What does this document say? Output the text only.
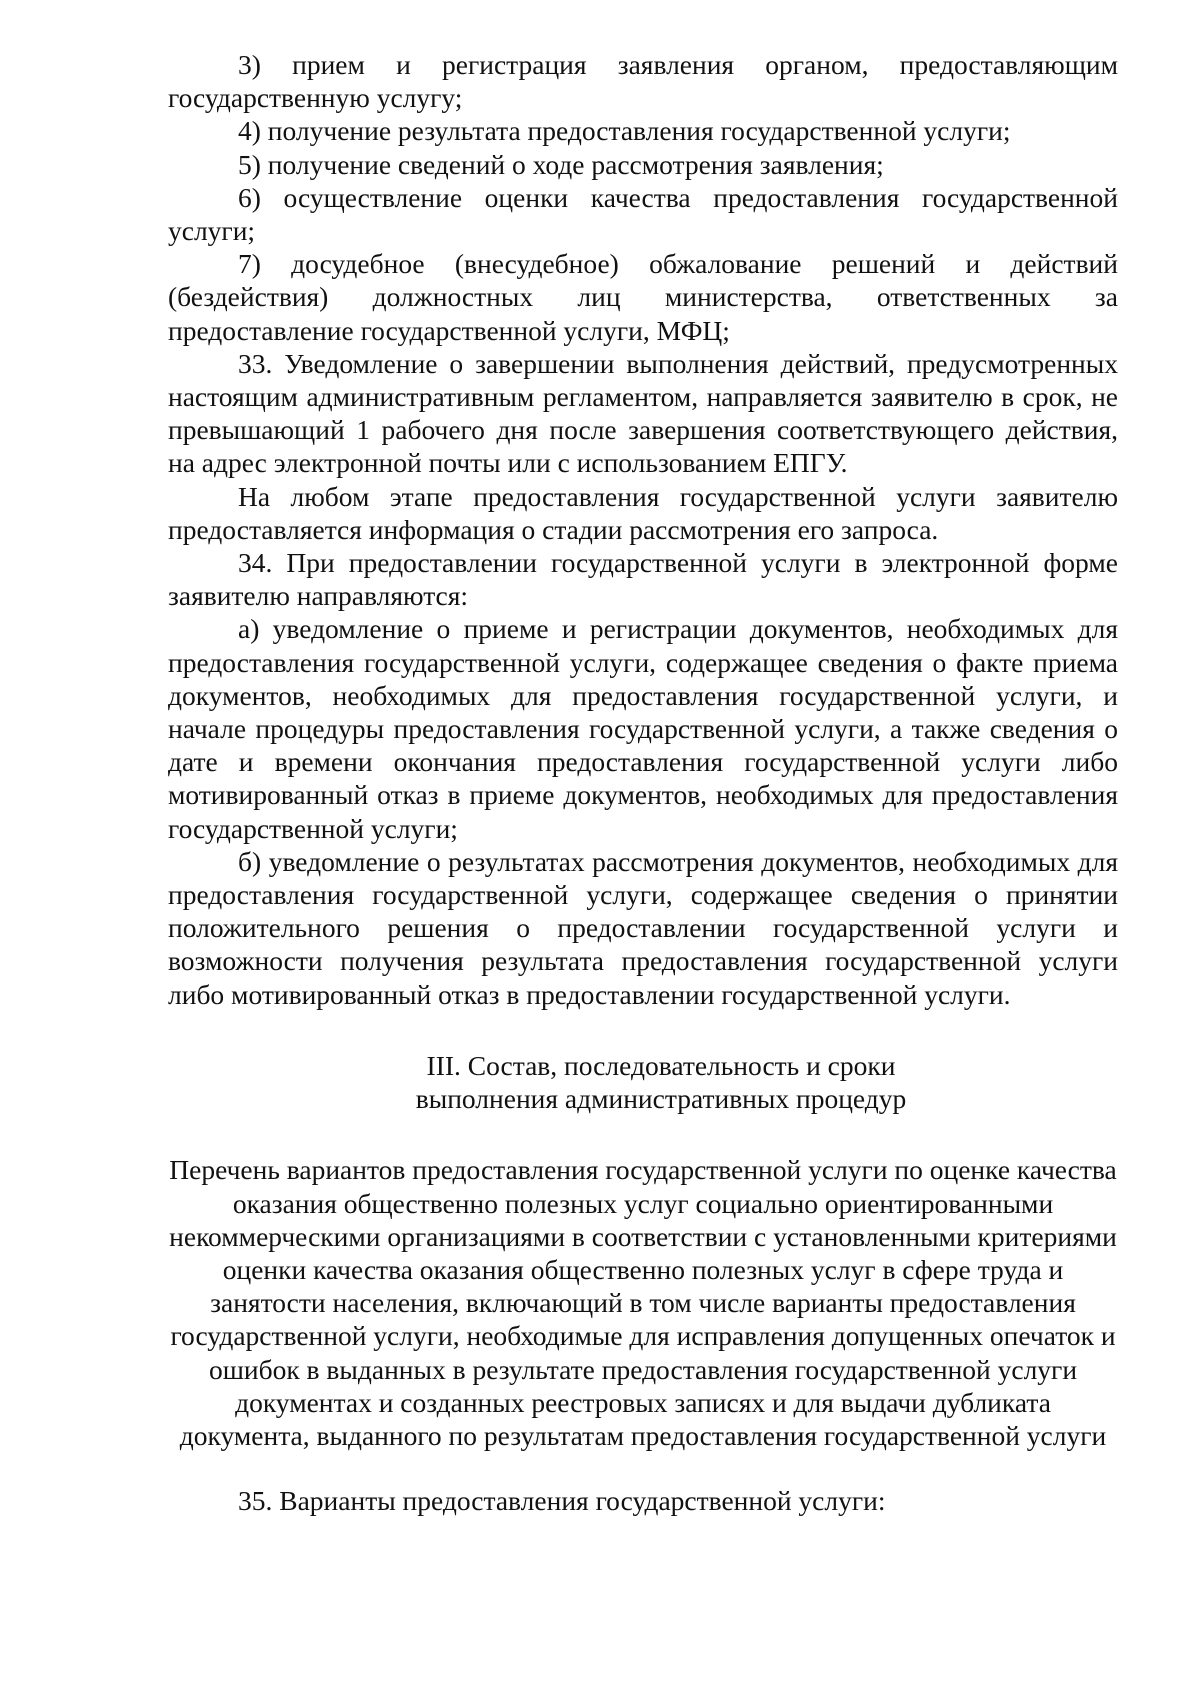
3) прием и регистрация заявления органом, предоставляющим государственную услугу;

4) получение результата предоставления государственной услуги;

5) получение сведений о ходе рассмотрения заявления;

6) осуществление оценки качества предоставления государственной услуги;

7) досудебное (внесудебное) обжалование решений и действий (бездействия) должностных лиц министерства, ответственных за предоставление государственной услуги, МФЦ;

33. Уведомление о завершении выполнения действий, предусмотренных настоящим административным регламентом, направляется заявителю в срок, не превышающий 1 рабочего дня после завершения соответствующего действия, на адрес электронной почты или с использованием ЕПГУ.

На любом этапе предоставления государственной услуги заявителю предоставляется информация о стадии рассмотрения его запроса.

34. При предоставлении государственной услуги в электронной форме заявителю направляются:

а) уведомление о приеме и регистрации документов, необходимых для предоставления государственной услуги, содержащее сведения о факте приема документов, необходимых для предоставления государственной услуги, и начале процедуры предоставления государственной услуги, а также сведения о дате и времени окончания предоставления государственной услуги либо мотивированный отказ в приеме документов, необходимых для предоставления государственной услуги;

б) уведомление о результатах рассмотрения документов, необходимых для предоставления государственной услуги, содержащее сведения о принятии положительного решения о предоставлении государственной услуги и возможности получения результата предоставления государственной услуги либо мотивированный отказ в предоставлении государственной услуги.

III. Состав, последовательность и сроки
выполнения административных процедур

Перечень вариантов предоставления государственной услуги по оценке качества оказания общественно полезных услуг социально ориентированными некоммерческими организациями в соответствии с установленными критериями оценки качества оказания общественно полезных услуг в сфере труда и занятости населения, включающий в том числе варианты предоставления государственной услуги, необходимые для исправления допущенных опечаток и ошибок в выданных в результате предоставления государственной услуги документах и созданных реестровых записях и для выдачи дубликата документа, выданного по результатам предоставления государственной услуги

35. Варианты предоставления государственной услуги:
